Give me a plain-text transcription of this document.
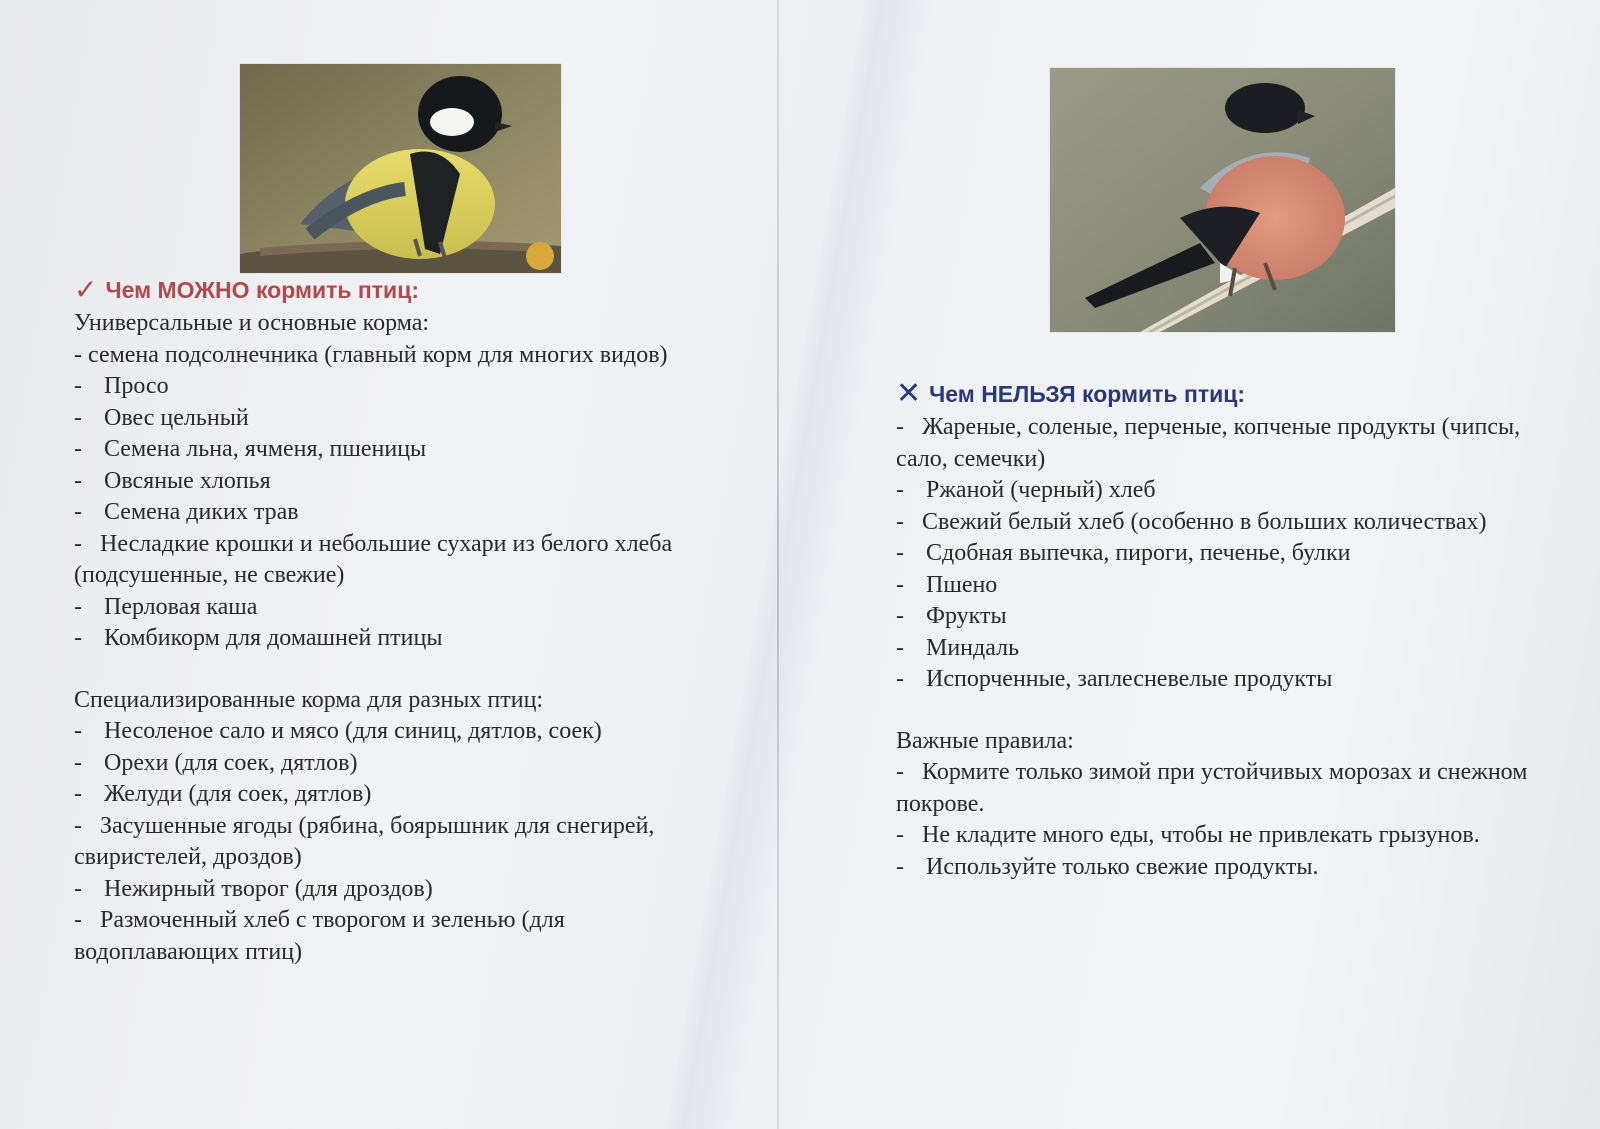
✓ Чем МОЖНО кормить птиц:

Универсальные и основные корма:

- семена подсолнечника (главный корм для многих видов)

- Просо
- Овес цельный
- Семена льна, ячменя, пшеницы
- Овсяные хлопья
- Семена диких трав

-   Несладкие крошки и небольшие сухари из белого хлеба (подсушенные, не свежие)

- Перловая каша
- Комбикорм для домашней птицы

Специализированные корма для разных птиц:

- Несоленое сало и мясо (для синиц, дятлов, соек)
- Орехи (для соек, дятлов)
- Желуди (для соек, дятлов)

-   Засушенные ягоды (рябина, боярышник для снегирей, свиристелей, дроздов)

- Нежирный творог (для дроздов)

-   Размоченный хлеб с творогом и зеленью (для водоплавающих птиц)

✕ Чем НЕЛЬЗЯ кормить птиц:

-   Жареные, соленые, перченые, копченые продукты (чипсы, сало, семечки)

- Ржаной (черный) хлеб

-   Свежий белый хлеб (особенно в больших количествах)

- Сдобная выпечка, пироги, печенье, булки
- Пшено
- Фрукты
- Миндаль
- Испорченные, заплесневелые продукты

Важные правила:

-   Кормите только зимой при устойчивых морозах и снежном покрове.

-   Не кладите много еды, чтобы не привлекать грызунов.

- Используйте только свежие продукты.
